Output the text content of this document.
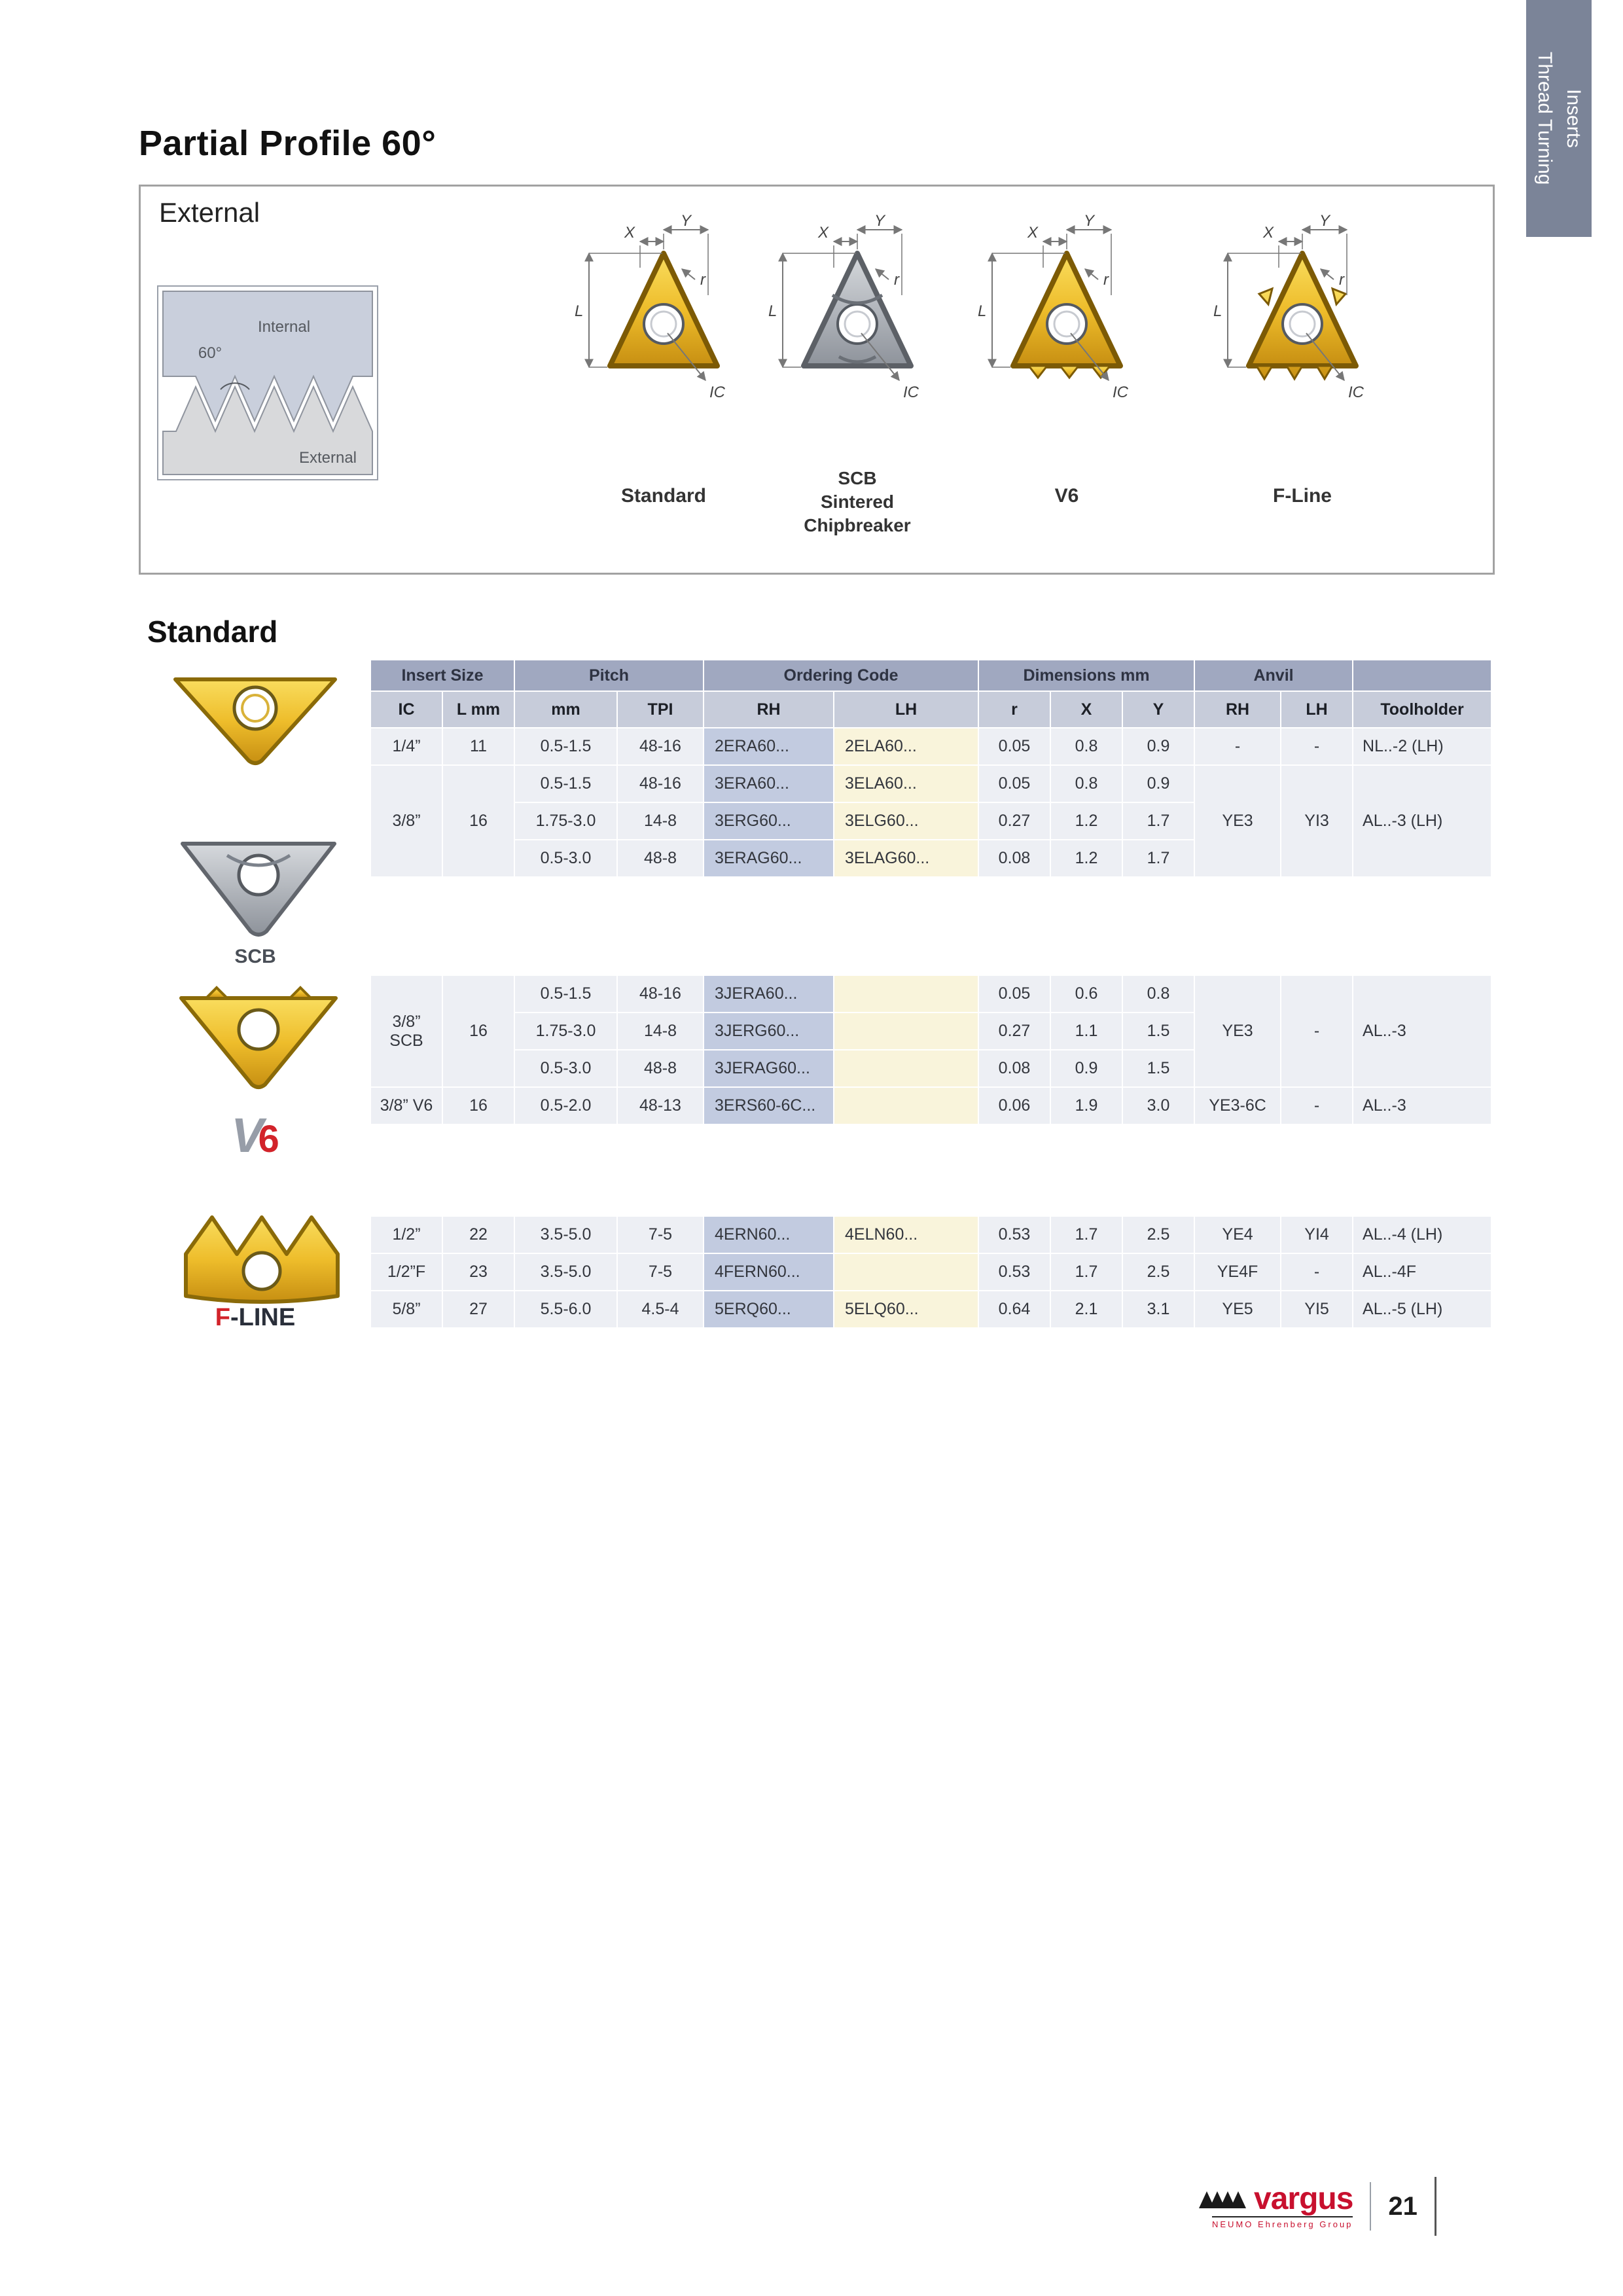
Thread Turning Inserts
Partial Profile 60°
External
Internal
60°
External
X
Y
r
L
IC
Standard
X
Y
r
L
IC
SCB
Sintered
Chipbreaker
X
Y
r
L
IC
V6
X
Y
r
L
IC
F-Line
Standard
SCB
V6
F-LINE
Insert Size		Pitch		Ordering Code		Dimensions mm			Anvil		
IC	L mm	mm	TPI	RH	LH	r	X	Y	RH	LH	Toolholder
1/4”	11	0.5-1.5	48-16	2ERA60...	2ELA60...	0.05	0.8	0.9	-	-	NL..-2 (LH)
3/8”	16	0.5-1.5	48-16	3ERA60...	3ELA60...	0.05	0.8	0.9	YE3	YI3	AL..-3 (LH)
		1.75-3.0	14-8	3ERG60...	3ELG60...	0.27	1.2	1.7			
		0.5-3.0	48-8	3ERAG60...	3ELAG60...	0.08	1.2	1.7			

3/8”
SCB	16	0.5-1.5	48-16	3JERA60...		0.05	0.6	0.8	YE3	-	AL..-3
		1.75-3.0	14-8	3JERG60...		0.27	1.1	1.5			
		0.5-3.0	48-8	3JERAG60...		0.08	0.9	1.5			
3/8” V6	16	0.5-2.0	48-13	3ERS60-6C...		0.06	1.9	3.0	YE3-6C	-	AL..-3

1/2”	22	3.5-5.0	7-5	4ERN60...	4ELN60...	0.53	1.7	2.5	YE4	YI4	AL..-4 (LH)
1/2”F	23	3.5-5.0	7-5	4FERN60...		0.53	1.7	2.5	YE4F	-	AL..-4F
5/8”	27	5.5-6.0	4.5-4	5ERQ60...	5ELQ60...	0.64	2.1	3.1	YE5	YI5	AL..-5 (LH)
vargus
NEUMO Ehrenberg Group
21
